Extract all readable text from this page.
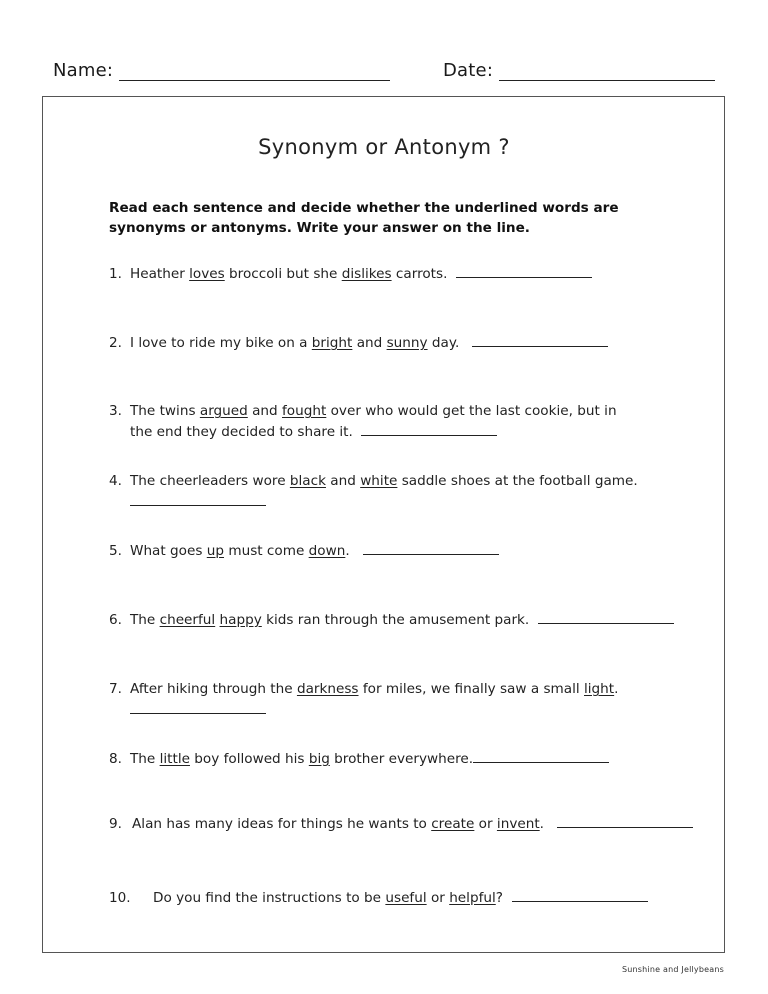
Name:	Date:
Synonym or Antonym ?
Read each sentence and decide whether the underlined words are synonyms or antonyms. Write your answer on the line.
1. Heather loves broccoli but she dislikes carrots.
2. I love to ride my bike on a bright and sunny day.
3. The twins argued and fought over who would get the last cookie, but in
the end they decided to share it.
4. The cheerleaders wore black and white saddle shoes at the football game.

5. What goes up must come down.
6. The cheerful happy kids ran through the amusement park.
7. After hiking through the darkness for miles, we finally saw a small light.

8. The little boy followed his big brother everywhere.
9. Alan has many ideas for things he wants to create or invent.
10. Do you find the instructions to be useful or helpful?
Sunshine and Jellybeans
